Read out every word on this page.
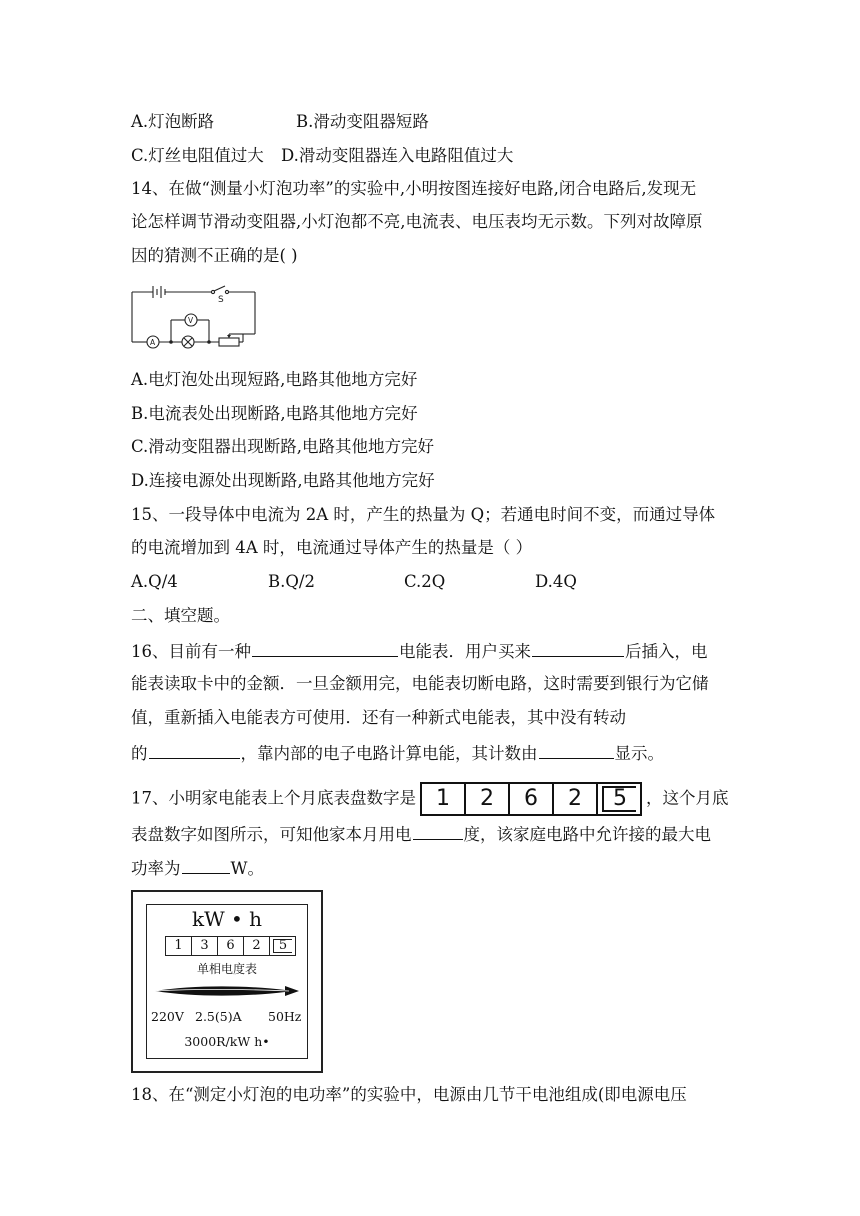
A.灯泡断路	B.滑动变阻器短路
C.灯丝电阻值过大 D.滑动变阻器连入电路阻值过大
14、在做“测量小灯泡功率”的实验中,小明按图连接好电路,闭合电路后,发现无
论怎样调节滑动变阻器,小灯泡都不亮,电流表、电压表均无示数。下列对故障原
因的猜测不正确的是( )
S
A
V
A.电灯泡处出现短路,电路其他地方完好
B.电流表处出现断路,电路其他地方完好
C.滑动变阻器出现断路,电路其他地方完好
D.连接电源处出现断路,电路其他地方完好
15、一段导体中电流为 2A 时，产生的热量为 Q；若通电时间不变，而通过导体
的电流增加到 4A 时，电流通过导体产生的热量是（ ）
A.Q/4	B.Q/2	C.2Q	D.4Q
二、填空题。
16、目前有一种	电能表．用户买来	后插入，电
能表读取卡中的金额．一旦金额用完，电能表切断电路，这时需要到银行为它储
值，重新插入电能表方可使用．还有一种新式电能表，其中没有转动
的	，靠内部的电子电路计算电能，其计数由	显示。
17、小明家电能表上个月底表盘数字是 1	2	6	2	5	，这个月底
表盘数字如图所示，可知他家本月用电	度，该家庭电路中允许接的最大电
功率为	W。
kW • h
1	3	6	2	5
单相电度表
220V 2.5(5)A 50Hz
3000R/kW h•
18、在“测定小灯泡的电功率”的实验中，电源由几节干电池组成(即电源电压
